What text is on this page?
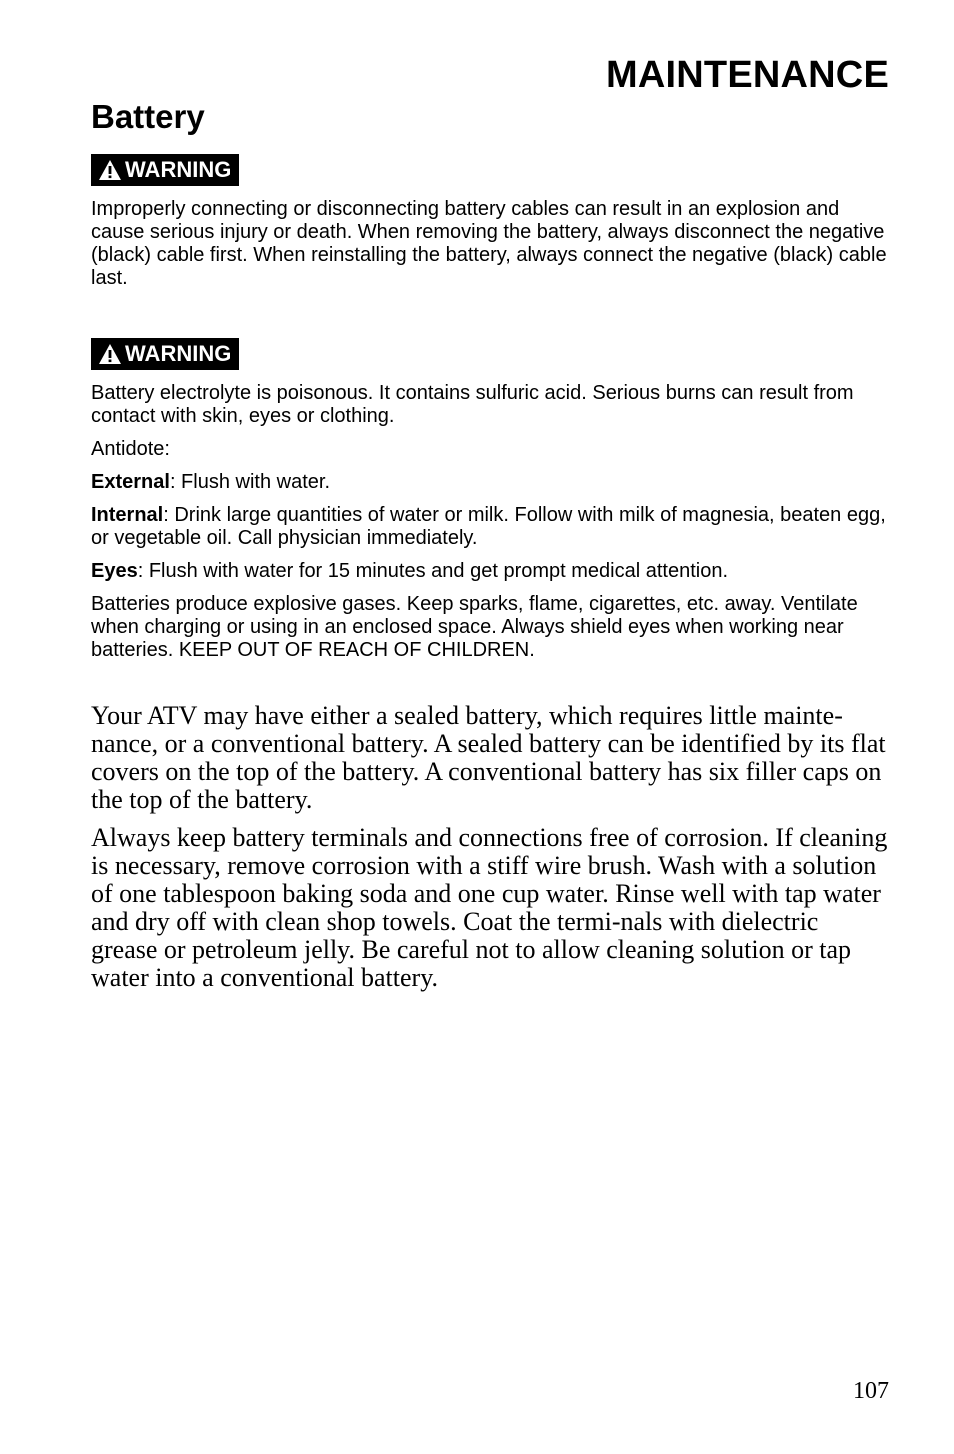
MAINTENANCE
Battery
WARNING

Improperly connecting or disconnecting battery cables can result in an explosion and cause serious injury or death. When removing the battery, always disconnect the negative (black) cable first. When reinstalling the battery, always connect the negative (black) cable last.

WARNING

Battery electrolyte is poisonous. It contains sulfuric acid. Serious burns can result from contact with skin, eyes or clothing.

Antidote:

External: Flush with water.

Internal: Drink large quantities of water or milk. Follow with milk of magnesia, beaten egg, or vegetable oil. Call physician immediately.

Eyes: Flush with water for 15 minutes and get prompt medical attention.

Batteries produce explosive gases. Keep sparks, flame, cigarettes, etc. away. Ventilate when charging or using in an enclosed space. Always shield eyes when working near batteries. KEEP OUT OF REACH OF CHILDREN.

Your ATV may have either a sealed battery, which requires little mainte-nance, or a conventional battery. A sealed battery can be identified by its flat covers on the top of the battery. A conventional battery has six filler caps on the top of the battery.

Always keep battery terminals and connections free of corrosion. If cleaning is necessary, remove corrosion with a stiff wire brush. Wash with a solution of one tablespoon baking soda and one cup water. Rinse well with tap water and dry off with clean shop towels. Coat the termi-nals with dielectric grease or petroleum jelly. Be careful not to allow cleaning solution or tap water into a conventional battery.

107
